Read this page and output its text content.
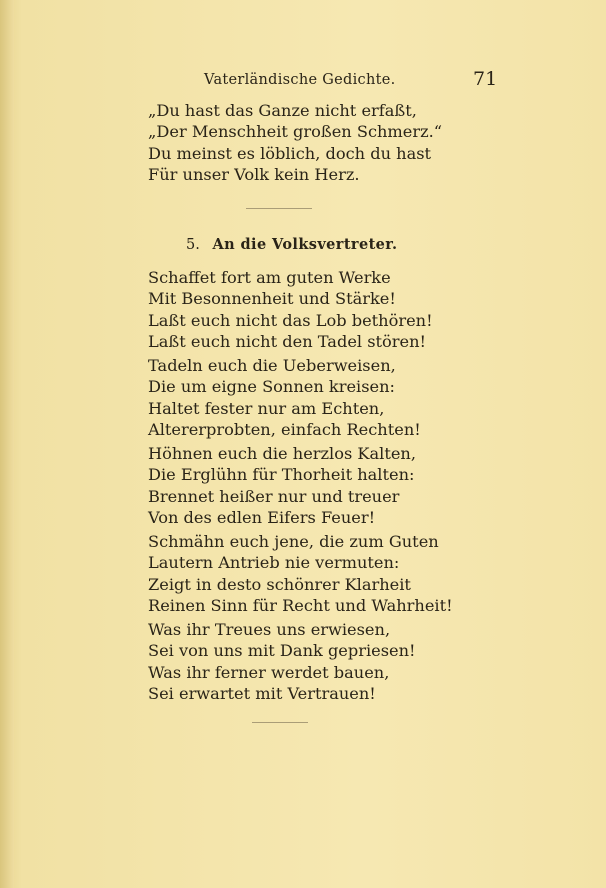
Vaterländische Gedichte.	71
„Du hast das Ganze nicht erfaßt,
„Der Menschheit großen Schmerz.“
Du meinst es löblich, doch du hast
Für unser Volk kein Herz.
5. An die Volksvertreter.
Schaffet fort am guten Werke
Mit Besonnenheit und Stärke!
Laßt euch nicht das Lob bethören!
Laßt euch nicht den Tadel stören!
Tadeln euch die Ueberweisen,
Die um eigne Sonnen kreisen:
Haltet fester nur am Echten,
Altererprobten, einfach Rechten!
Höhnen euch die herzlos Kalten,
Die Erglühn für Thorheit halten:
Brennet heißer nur und treuer
Von des edlen Eifers Feuer!
Schmähn euch jene, die zum Guten
Lautern Antrieb nie vermuten:
Zeigt in desto schönrer Klarheit
Reinen Sinn für Recht und Wahrheit!
Was ihr Treues uns erwiesen,
Sei von uns mit Dank gepriesen!
Was ihr ferner werdet bauen,
Sei erwartet mit Vertrauen!
